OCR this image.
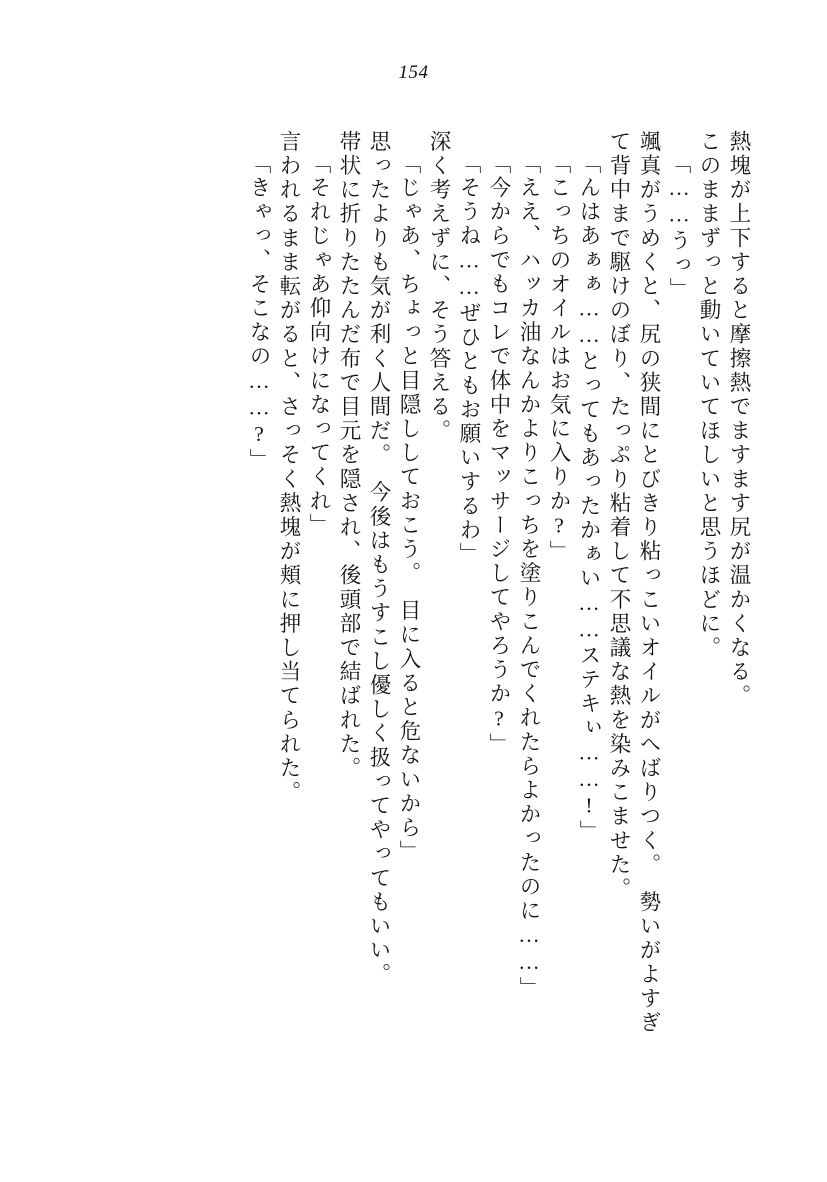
154
熱塊が上下すると摩擦熱でますます尻が温かくなる。
このままずっと動いていてほしいと思うほどに。
「……うっ」
颯真がうめくと、尻の狭間にとびきり粘っこいオイルがへばりつく。　勢いがよすぎ
て背中まで駆けのぼり、たっぷり粘着して不思議な熱を染みこませた。
「んはあぁぁ……とってもあったかぁい……ステキぃ……!」
「こっちのオイルはお気に入りか?」
「ええ、ハッカ油なんかよりこっちを塗りこんでくれたらよかったのに……」
「今からでもコレで体中をマッサージしてやろうか?」
「そうね……ぜひともお願いするわ」
深く考えずに、そう答える。
「じゃあ、ちょっと目隠ししておこう。　目に入ると危ないから」
思ったよりも気が利く人間だ。　今後はもうすこし優しく扱ってやってもいい。
帯状に折りたたんだ布で目元を隠され、後頭部で結ばれた。
「それじゃあ仰向けになってくれ」
言われるまま転がると、さっそく熱塊が頬に押し当てられた。
「きゃっ、そこなの……?」
